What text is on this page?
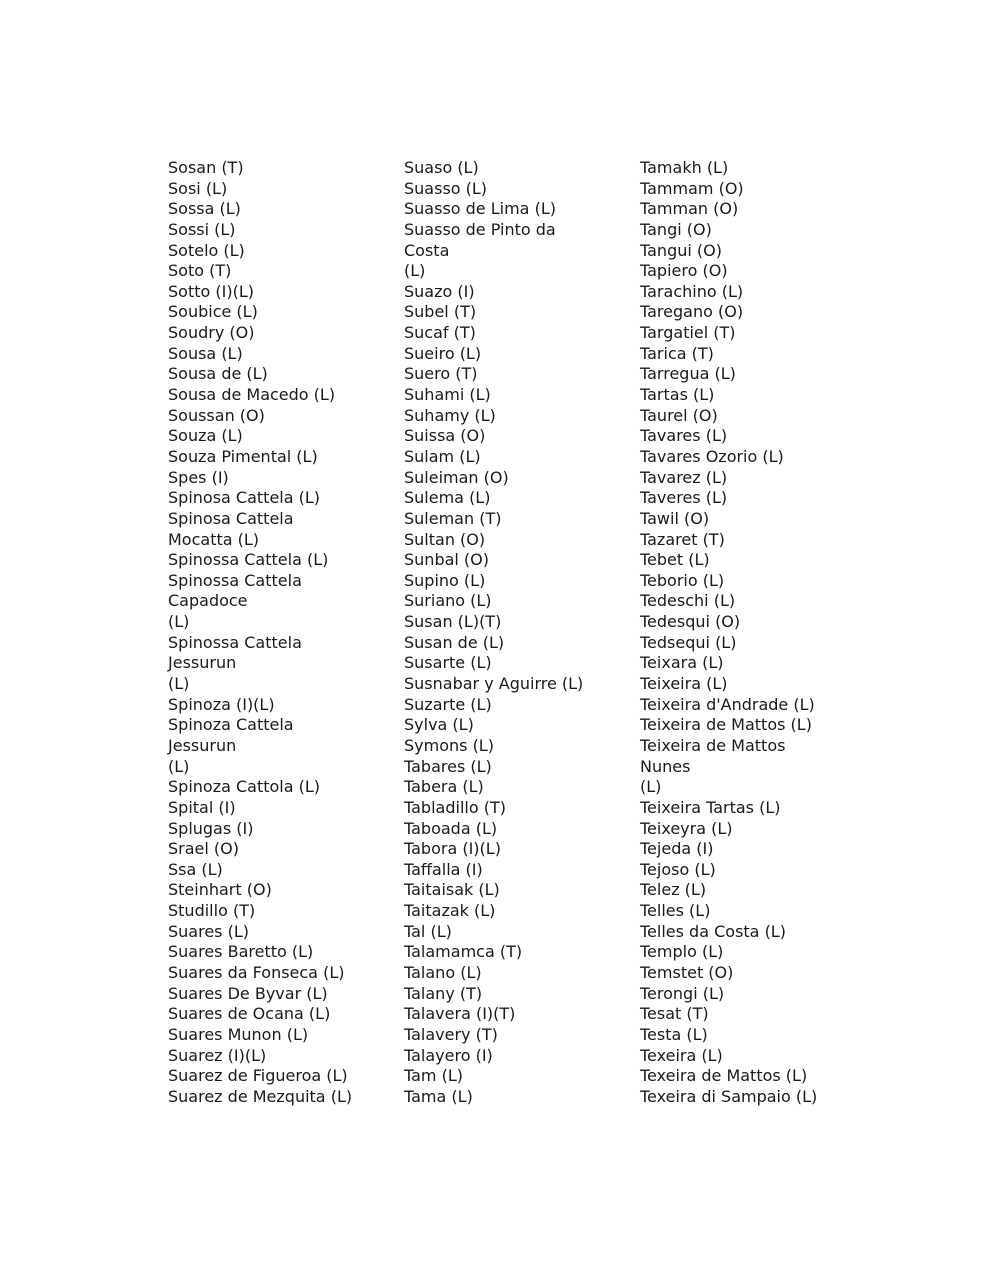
Sosan (T)
Sosi (L)
Sossa (L)
Sossi (L)
Sotelo (L)
Soto (T)
Sotto (I)(L)
Soubice (L)
Soudry (O)
Sousa (L)
Sousa de (L)
Sousa de Macedo (L)
Soussan (O)
Souza (L)
Souza Pimental (L)
Spes (I)
Spinosa Cattela (L)
Spinosa Cattela
Mocatta (L)
Spinossa Cattela (L)
Spinossa Cattela
Capadoce
(L)
Spinossa Cattela
Jessurun
(L)
Spinoza (I)(L)
Spinoza Cattela
Jessurun
(L)
Spinoza Cattola (L)
Spital (I)
Splugas (I)
Srael (O)
Ssa (L)
Steinhart (O)
Studillo (T)
Suares (L)
Suares Baretto (L)
Suares da Fonseca (L)
Suares De Byvar (L)
Suares de Ocana (L)
Suares Munon (L)
Suarez (I)(L)
Suarez de Figueroa (L)
Suarez de Mezquita (L)
Suaso (L)
Suasso (L)
Suasso de Lima (L)
Suasso de Pinto da
Costa
(L)
Suazo (I)
Subel (T)
Sucaf (T)
Sueiro (L)
Suero (T)
Suhami (L)
Suhamy (L)
Suissa (O)
Sulam (L)
Suleiman (O)
Sulema (L)
Suleman (T)
Sultan (O)
Sunbal (O)
Supino (L)
Suriano (L)
Susan (L)(T)
Susan de (L)
Susarte (L)
Susnabar y Aguirre (L)
Suzarte (L)
Sylva (L)
Symons (L)
Tabares (L)
Tabera (L)
Tabladillo (T)
Taboada (L)
Tabora (I)(L)
Taffalla (I)
Taitaisak (L)
Taitazak (L)
Tal (L)
Talamamca (T)
Talano (L)
Talany (T)
Talavera (I)(T)
Talavery (T)
Talayero (I)
Tam (L)
Tama (L)
Tamakh (L)
Tammam (O)
Tamman (O)
Tangi (O)
Tangui (O)
Tapiero (O)
Tarachino (L)
Taregano (O)
Targatiel (T)
Tarica (T)
Tarregua (L)
Tartas (L)
Taurel (O)
Tavares (L)
Tavares Ozorio (L)
Tavarez (L)
Taveres (L)
Tawil (O)
Tazaret (T)
Tebet (L)
Teborio (L)
Tedeschi (L)
Tedesqui (O)
Tedsequi (L)
Teixara (L)
Teixeira (L)
Teixeira d'Andrade (L)
Teixeira de Mattos (L)
Teixeira de Mattos
Nunes
(L)
Teixeira Tartas (L)
Teixeyra (L)
Tejeda (I)
Tejoso (L)
Telez (L)
Telles (L)
Telles da Costa (L)
Templo (L)
Temstet (O)
Terongi (L)
Tesat (T)
Testa (L)
Texeira (L)
Texeira de Mattos (L)
Texeira di Sampaio (L)
